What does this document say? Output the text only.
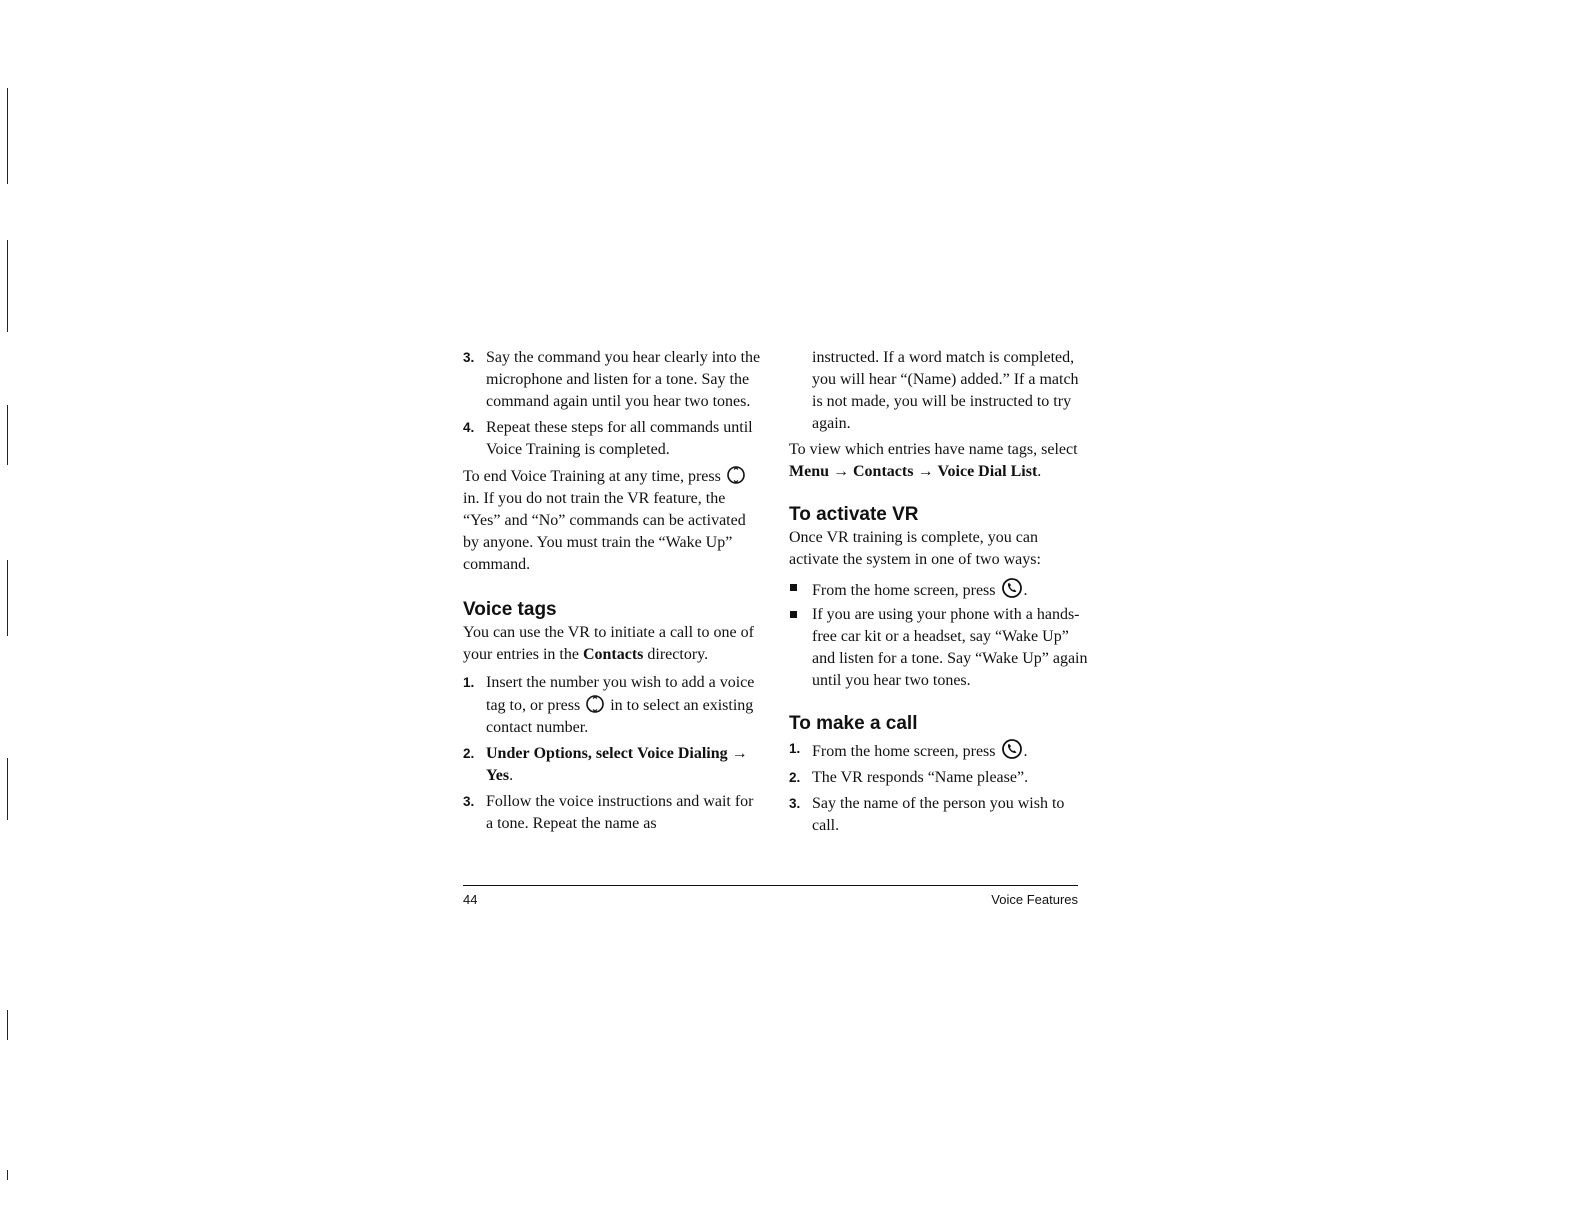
3. Say the command you hear clearly into the microphone and listen for a tone. Say the command again until you hear two tones.
4. Repeat these steps for all commands until Voice Training is completed.

To end Voice Training at any time, press  in. If you do not train the VR feature, the “Yes” and “No” commands can be activated by anyone. You must train the “Wake Up” command.

Voice tags

You can use the VR to initiate a call to one of your entries in the Contacts directory.

1. Insert the number you wish to add a voice tag to, or press in to select an existing contact number.
2. Under Options, select Voice Dialing → Yes.
3. Follow the voice instructions and wait for a tone. Repeat the name as

instructed. If a word match is completed, you will hear “(Name) added.” If a match is not made, you will be instructed to try again.

To view which entries have name tags, select Menu → Contacts → Voice Dial List.

To activate VR

Once VR training is complete, you can activate the system in one of two ways:

From the home screen, press .
If you are using your phone with a hands-free car kit or a headset, say “Wake Up” and listen for a tone. Say “Wake Up” again until you hear two tones.
To make a call
1. From the home screen, press .
2. The VR responds “Name please”.
3. Say the name of the person you wish to call.
44	Voice Features
